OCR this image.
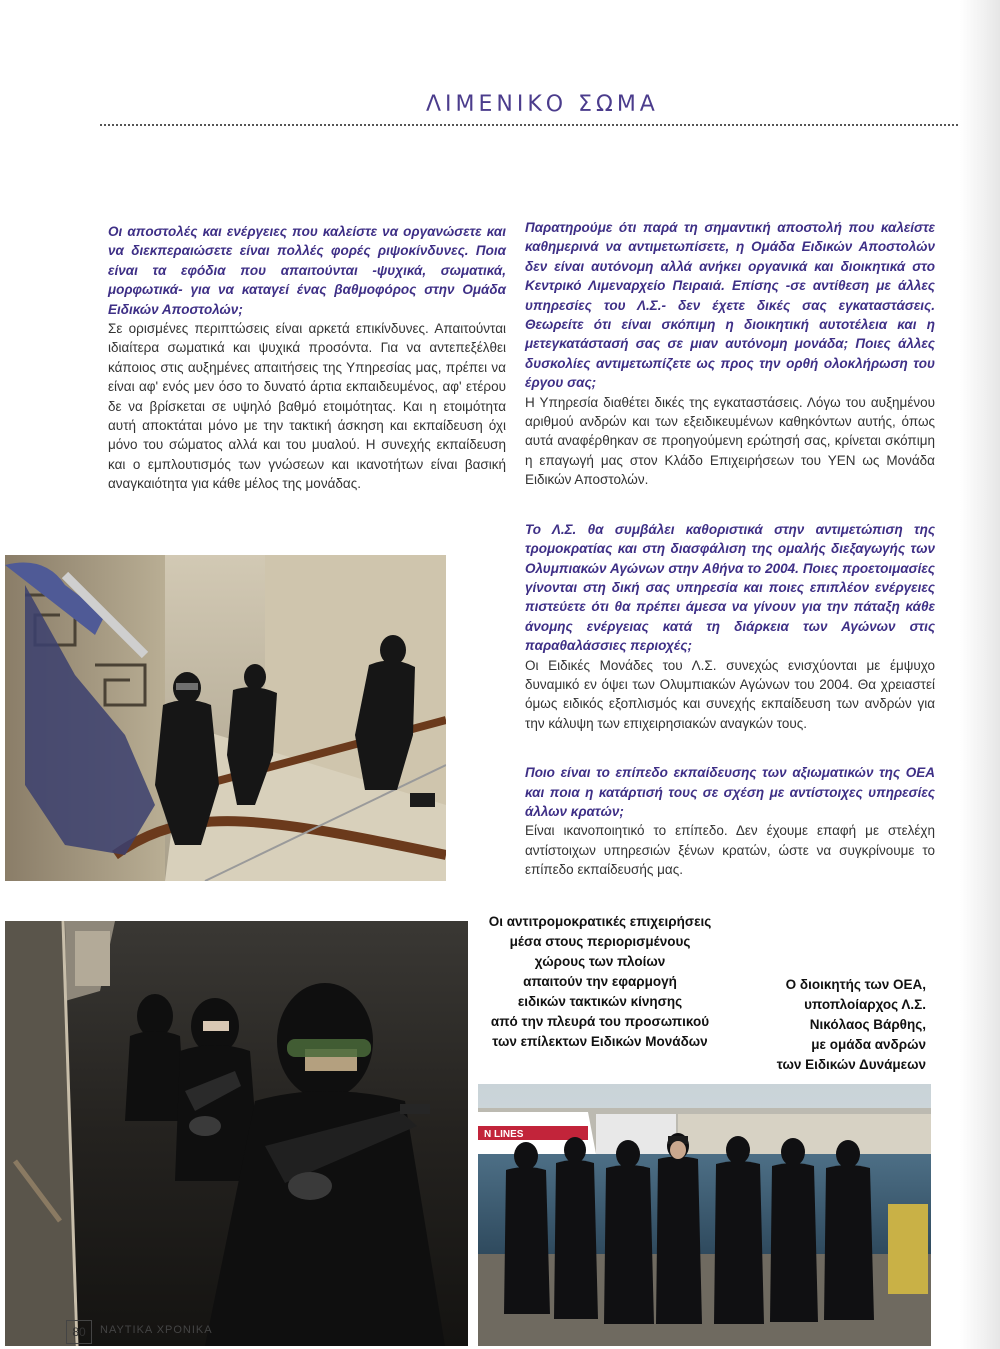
ΛΙΜΕΝΙΚΟ ΣΩΜΑ

Οι αποστολές και ενέργειες που καλείστε να οργανώσετε και να διεκπεραιώσετε είναι πολλές φορές ριψοκίνδυνες. Ποια είναι τα εφόδια που απαιτούνται -ψυχικά, σωματικά, μορφωτικά- για να καταγεί ένας βαθμοφόρος στην Ομάδα Ειδικών Αποστολών;

Σε ορισμένες περιπτώσεις είναι αρκετά επικίνδυνες. Απαιτούνται ιδιαίτερα σωματικά και ψυχικά προσόντα. Για να αντεπεξέλθει κάποιος στις αυξημένες απαιτήσεις της Υπηρεσίας μας, πρέπει να είναι αφ' ενός μεν όσο το δυνατό άρτια εκπαιδευμένος, αφ' ετέρου δε να βρίσκεται σε υψηλό βαθμό ετοιμότητας. Και η ετοιμότητα αυτή αποκτάται μόνο με την τακτική άσκηση και εκπαίδευση όχι μόνο του σώματος αλλά και του μυαλού. Η συνεχής εκπαίδευση και ο εμπλουτισμός των γνώσεων και ικανοτήτων είναι βασική αναγκαιότητα για κάθε μέλος της μονάδας.

Παρατηρούμε ότι παρά τη σημαντική αποστολή που καλείστε καθημερινά να αντιμετωπίσετε, η Ομάδα Ειδικών Αποστολών δεν είναι αυτόνομη αλλά ανήκει οργανικά και διοικητικά στο Κεντρικό Λιμεναρχείο Πειραιά. Επίσης -σε αντίθεση με άλλες υπηρεσίες του Λ.Σ.- δεν έχετε δικές σας εγκαταστάσεις. Θεωρείτε ότι είναι σκόπιμη η διοικητική αυτοτέλεια και η μετεγκατάστασή σας σε μιαν αυτόνομη μονάδα; Ποιες άλλες δυσκολίες αντιμετωπίζετε ως προς την ορθή ολοκλήρωση του έργου σας;

Η Υπηρεσία διαθέτει δικές της εγκαταστάσεις. Λόγω του αυξημένου αριθμού ανδρών και των εξειδικευμένων καθηκόντων αυτής, όπως αυτά αναφέρθηκαν σε προηγούμενη ερώτησή σας, κρίνεται σκόπιμη η επαγωγή μας στον Κλάδο Επιχειρήσεων του ΥΕΝ ως Μονάδα Ειδικών Αποστολών.

Το Λ.Σ. θα συμβάλει καθοριστικά στην αντιμετώπιση της τρομοκρατίας και στη διασφάλιση της ομαλής διεξαγωγής των Ολυμπιακών Αγώνων στην Αθήνα το 2004. Ποιες προετοιμασίες γίνονται στη δική σας υπηρεσία και ποιες επιπλέον ενέργειες πιστεύετε ότι θα πρέπει άμεσα να γίνουν για την πάταξη κάθε άνομης ενέργειας κατά τη διάρκεια των Αγώνων στις παραθαλάσσιες περιοχές;

Οι Ειδικές Μονάδες του Λ.Σ. συνεχώς ενισχύονται με έμψυχο δυναμικό εν όψει των Ολυμπιακών Αγώνων του 2004. Θα χρειαστεί όμως ειδικός εξοπλισμός και συνεχής εκπαίδευση των ανδρών για την κάλυψη των επιχειρησιακών αναγκών τους.

Ποιο είναι το επίπεδο εκπαίδευσης των αξιωματικών της ΟΕΑ και ποια η κατάρτισή τους σε σχέση με αντίστοιχες υπηρεσίες άλλων κρατών;

Είναι ικανοποιητικό το επίπεδο. Δεν έχουμε επαφή με στελέχη αντίστοιχων υπηρεσιών ξένων κρατών, ώστε να συγκρίνουμε το επίπεδο εκπαίδευσής μας.

Οι αντιτρομοκρατικές επιχειρήσεις
μέσα στους περιορισμένους
χώρους των πλοίων
απαιτούν την εφαρμογή
ειδικών τακτικών κίνησης
από την πλευρά του προσωπικού
των επίλεκτων Ειδικών Μονάδων
Ο διοικητής των ΟΕΑ,
υποπλοίαρχος Λ.Σ.
Νικόλαος Βάρθης,
με ομάδα ανδρών
των Ειδικών Δυνάμεων
N LINES
80	ΝΑΥΤΙΚΑ ΧΡΟΝΙΚΑ
